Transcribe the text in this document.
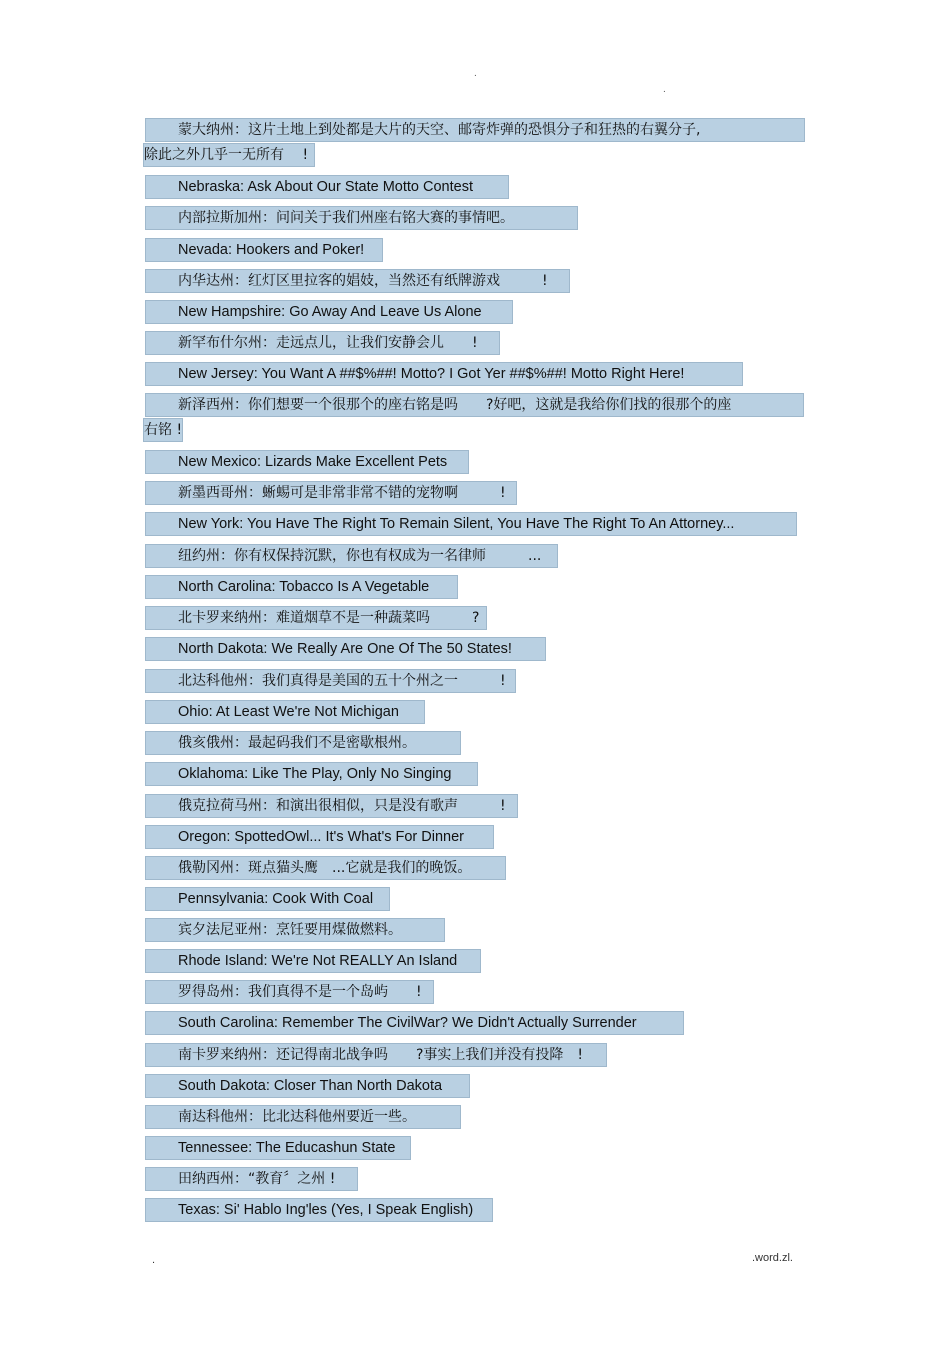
.
.
蒙大纳州：这片土地上到处都是大片的天空、邮寄炸弹的恐惧分子和狂热的右翼分子,
除此之外几乎一无所有　 !
Nebraska: Ask About Our State Motto Contest
内部拉斯加州：问问关于我们州座右铭大赛的事情吧。
Nevada: Hookers and Poker!
内华达州：红灯区里拉客的娼妓，当然还有纸牌游戏　　　!
New Hampshire: Go Away And Leave Us Alone
新罕布什尔州：走远点儿，让我们安静会儿　　!
New Jersey: You Want A ##$%##! Motto? I Got Yer ##$%##! Motto Right Here!
新泽西州：你们想要一个很那个的座右铭是吗　　?好吧，这就是我给你们找的很那个的座
右铭 !
New Mexico: Lizards Make Excellent Pets
新墨西哥州：蜥蜴可是非常非常不错的宠物啊　　　!
New York: You Have The Right To Remain Silent, You Have The Right To An Attorney...
纽约州：你有权保持沉默，你也有权成为一名律师　　　...
North Carolina: Tobacco Is A Vegetable
北卡罗来纳州：难道烟草不是一种蔬菜吗　　　?
North Dakota: We Really Are One Of The 50 States!
北达科他州：我们真得是美国的五十个州之一　　　!
Ohio: At Least We're Not Michigan
俄亥俄州：最起码我们不是密歇根州。
Oklahoma: Like The Play, Only No Singing
俄克拉荷马州：和演出很相似，只是没有歌声　　　!
Oregon: SpottedOwl... It's What's For Dinner
俄勒冈州：斑点猫头鹰　...它就是我们的晚饭。
Pennsylvania: Cook With Coal
宾夕法尼亚州：烹饪要用煤做燃料。
Rhode Island: We're Not REALLY An Island
罗得岛州：我们真得不是一个岛屿　　!
South Carolina: Remember The CivilWar? We Didn't Actually Surrender
南卡罗来纳州：还记得南北战争吗　　?事实上我们并没有投降　!
South Dakota: Closer Than North Dakota
南达科他州：比北达科他州要近一些。
Tennessee: The Educashun State
田纳西州：“教育〞之州 !
Texas: Si' Hablo Ing'les (Yes, I Speak English)
.	.word.zl.
